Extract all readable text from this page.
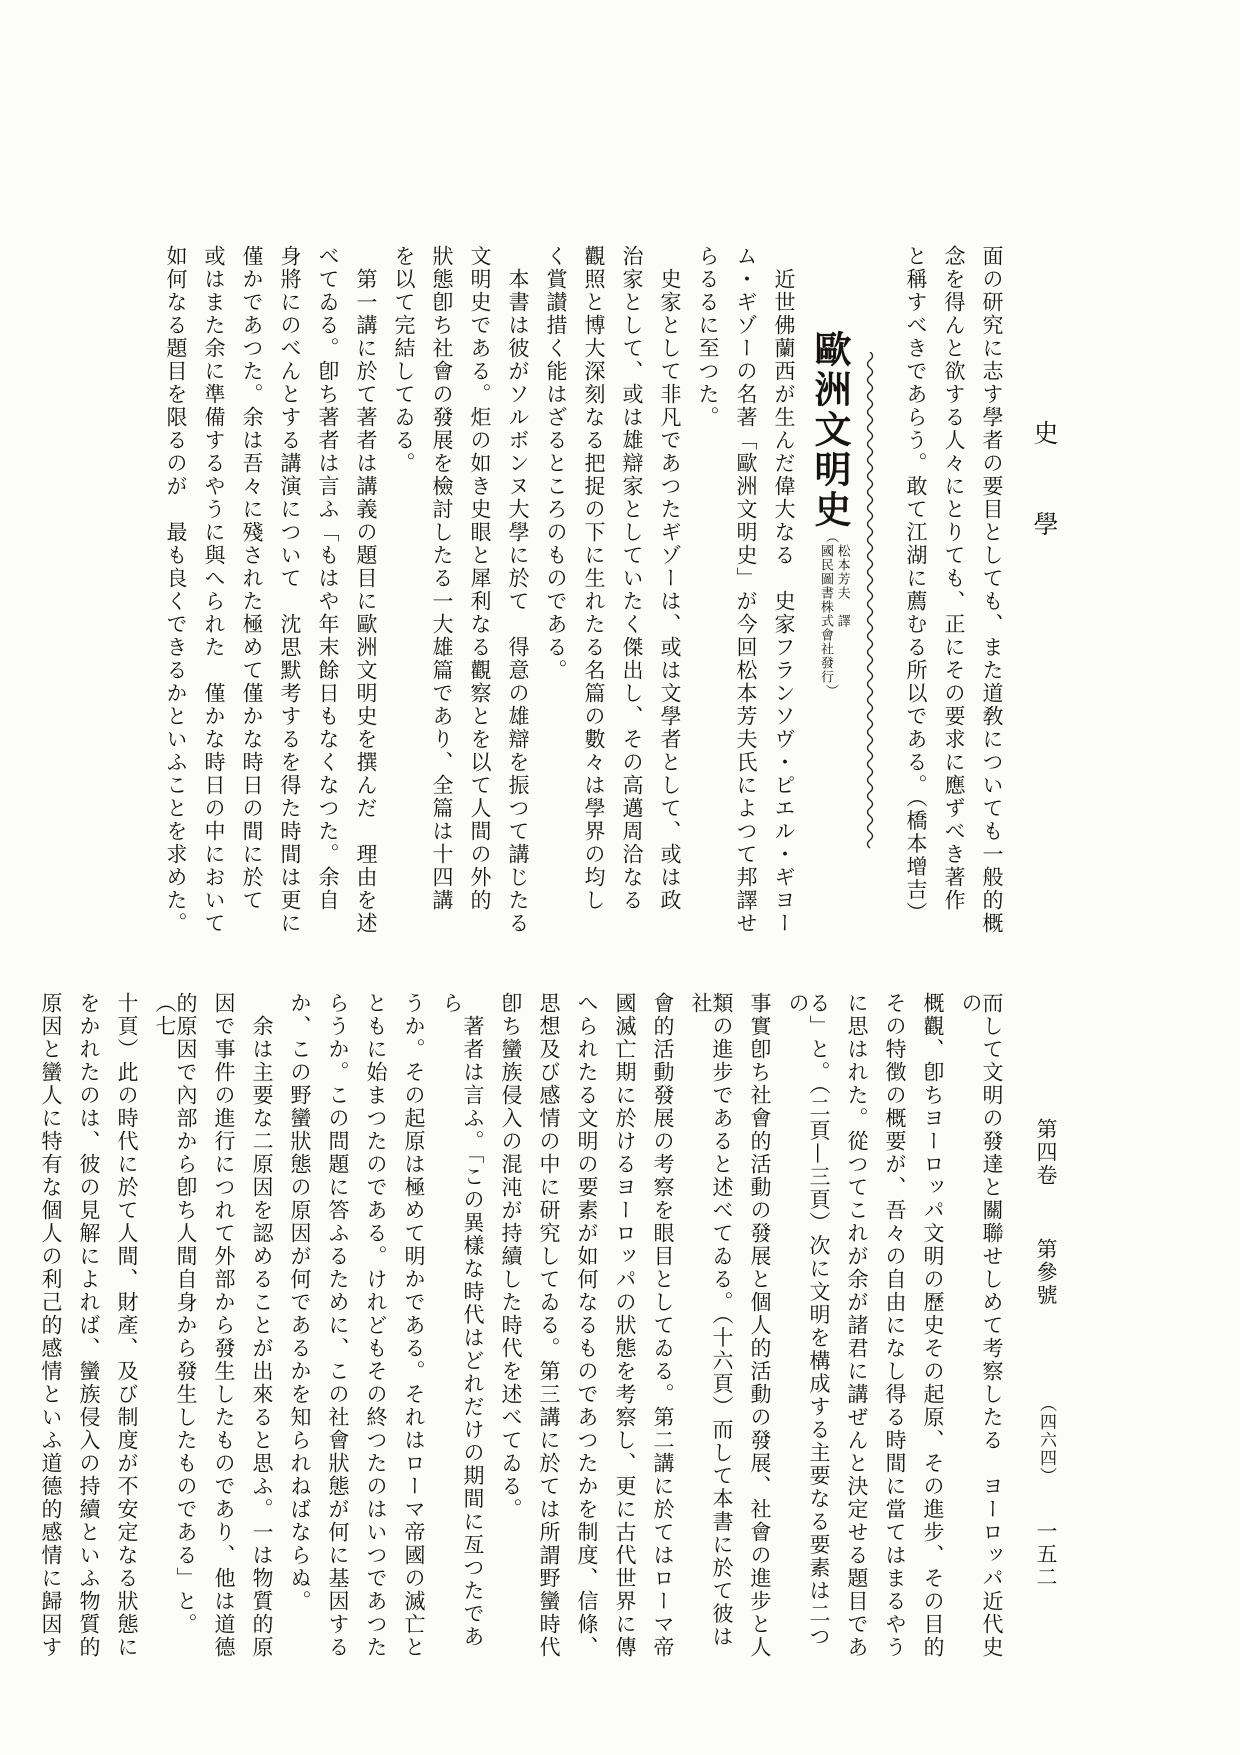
史學

面の研究に志す學者の要目としても、また道敎についても一般的概

念を得んと欲する人々にとりても、正にその要求に應ずべき著作

と稱すべきであらう。敢て江湖に薦むる所以である。（橋本增吉）

歐洲文明史（
松本芳夫　譯
國民圖書株式會社發行
）

近世佛蘭西が生んだ偉大なる　史家フランソヴ・ピエル・ギヨー

ム・ギゾーの名著「歐洲文明史」が今回松本芳夫氏によつて邦譯せ

らるるに至つた。

史家として非凡であつたギゾーは、或は文學者として、或は政

治家として、或は雄辯家としていたく傑出し、その高邁周洽なる

觀照と博大深刻なる把捉の下に生れたる名篇の數々は學界の均し

く賞讃措く能はざるところのものである。

本書は彼がソルボンヌ大學に於て　得意の雄辯を振つて講じたる

文明史である。炬の如き史眼と犀利なる觀察とを以て人間の外的

狀態卽ち社會の發展を檢討したる一大雄篇であり、全篇は十四講

を以て完結してゐる。

第一講に於て著者は講義の題目に歐洲文明史を撰んだ　理由を述

べてゐる。卽ち著者は言ふ「もはや年末餘日もなくなつた。余自

身將にのべんとする講演について　沈思默考するを得た時間は更に

僅かであつた。余は吾々に殘された極めて僅かな時日の間に於て

或はまた余に準備するやうに與へられた　僅かな時日の中において

如何なる題目を限るのが　最も良くできるかといふことを求めた。

而して文明の發達と關聯せしめて考察したる　ヨーロッパ近代史の

概觀、卽ちヨーロッパ文明の歷史その起原、その進步、その目的

その特徴の概要が、吾々の自由になし得る時間に當てはまるやう

に思はれた。從つてこれが余が諸君に講ぜんと決定せる題目であ

る」と。（二頁—三頁）次に文明を構成する主要なる要素は二つの

事實卽ち社會的活動の發展と個人的活動の發展、社會の進步と人

類の進步であると述べてゐる。（十六頁）而して本書に於て彼は社

會的活動發展の考察を眼目としてゐる。第二講に於てはローマ帝

國滅亡期に於けるヨーロッパの狀態を考察し、更に古代世界に傳

へられたる文明の要素が如何なるものであつたかを制度、信條、

思想及び感情の中に研究してゐる。第三講に於ては所謂野蠻時代

卽ち蠻族侵入の混沌が持續した時代を述べてゐる。

著者は言ふ。「この異樣な時代はどれだけの期間に亙つたであら

うか。その起原は極めて明かである。それはローマ帝國の滅亡と

ともに始まつたのである。けれどもその終つたのはいつであつた

らうか。この問題に答ふるために、この社會狀態が何に基因する

か、この野蠻狀態の原因が何であるかを知られねばならぬ。

余は主要な二原因を認めることが出來ると思ふ。一は物質的原

因で事件の進行につれて外部から發生したものであり、他は道德

的原因で內部から卽ち人間自身から發生したものである」と。（七

十頁）此の時代に於て人間、財產、及び制度が不安定なる狀態に

をかれたのは、彼の見解によれば、蠻族侵入の持續といふ物質的

原因と蠻人に特有な個人の利己的感情といふ道德的感情に歸因す	第四卷 第參號 （四六四） 一五二
